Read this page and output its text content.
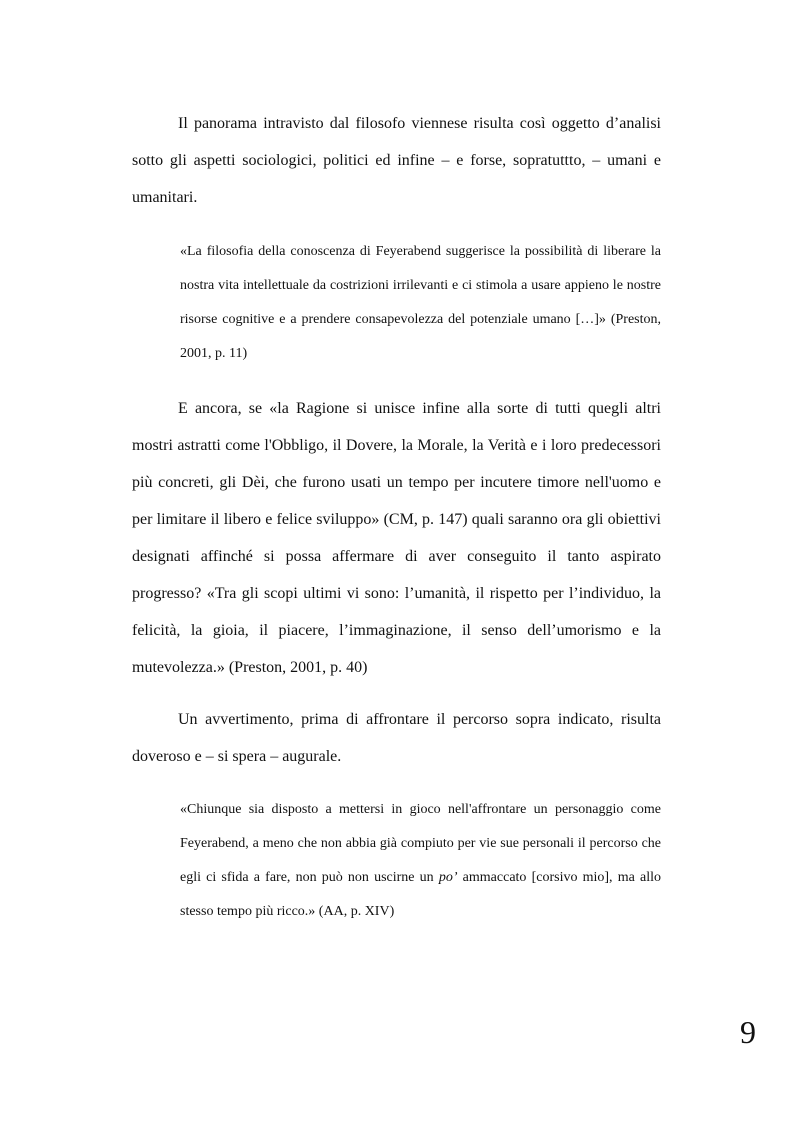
Il panorama intravisto dal filosofo viennese risulta così oggetto d’analisi sotto gli aspetti sociologici, politici ed infine – e forse, sopratuttto, – umani e umanitari.

«La filosofia della conoscenza di Feyerabend suggerisce la possibilità di liberare la nostra vita intellettuale da costrizioni irrilevanti e ci stimola a usare appieno le nostre risorse cognitive e a prendere consapevolezza del potenziale umano […]» (Preston, 2001, p. 11)

E ancora, se «la Ragione si unisce infine alla sorte di tutti quegli altri mostri astratti come l'Obbligo, il Dovere, la Morale, la Verità e i loro predecessori più concreti, gli Dèi, che furono usati un tempo per incutere timore nell'uomo e per limitare il libero e felice sviluppo» (CM, p. 147) quali saranno ora gli obiettivi designati affinché si possa affermare di aver conseguito il tanto aspirato progresso? «Tra gli scopi ultimi vi sono: l’umanità, il rispetto per l’individuo, la felicità, la gioia, il piacere, l’immaginazione, il senso dell’umorismo e la mutevolezza.» (Preston, 2001, p. 40)

Un avvertimento, prima di affrontare il percorso sopra indicato, risulta doveroso e – si spera – augurale.

«Chiunque sia disposto a mettersi in gioco nell'affrontare un personaggio come Feyerabend, a meno che non abbia già compiuto per vie sue personali il percorso che egli ci sfida a fare, non può non uscirne un po’ ammaccato [corsivo mio], ma allo stesso tempo più ricco.» (AA, p. XIV)

9
